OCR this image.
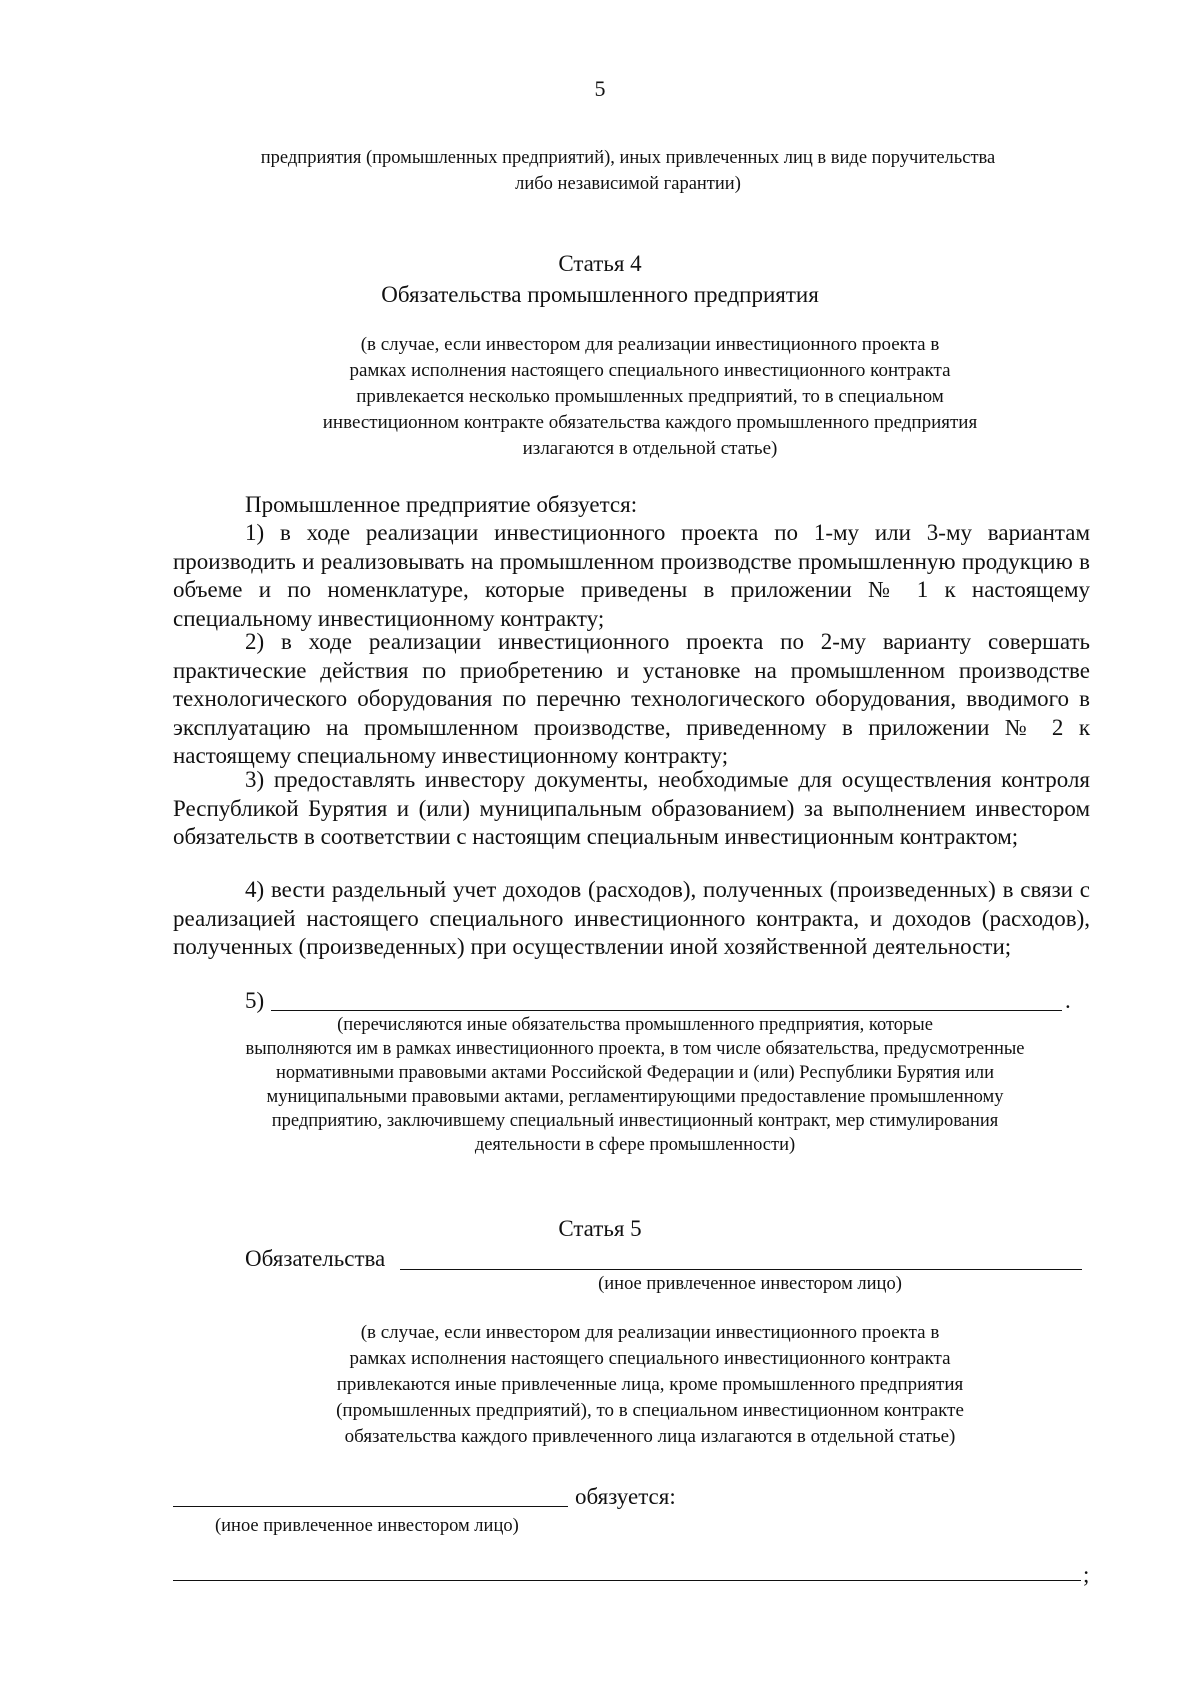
5
предприятия (промышленных предприятий), иных привлеченных лиц в виде поручительства
либо независимой гарантии)
Статья 4
Обязательства промышленного предприятия
(в случае, если инвестором для реализации инвестиционного проекта в
рамках исполнения настоящего специального инвестиционного контракта
привлекается несколько промышленных предприятий, то в специальном
инвестиционном контракте обязательства каждого промышленного предприятия
излагаются в отдельной статье)
Промышленное предприятие обязуется:
1) в ходе реализации инвестиционного проекта по 1-му или 3-му вариантам производить и реализовывать на промышленном производстве промышленную продукцию в объеме и по номенклатуре, которые приведены в приложении № 1 к настоящему специальному инвестиционному контракту;
2) в ходе реализации инвестиционного проекта по 2-му варианту совершать практические действия по приобретению и установке на промышленном производстве технологического оборудования по перечню технологического оборудования, вводимого в эксплуатацию на промышленном производстве, приведенному в приложении № 2 к настоящему специальному инвестиционному контракту;
3) предоставлять инвестору документы, необходимые для осуществления контроля Республикой Бурятия и (или) муниципальным образованием) за выполнением инвестором обязательств в соответствии с настоящим специальным инвестиционным контрактом;
4) вести раздельный учет доходов (расходов), полученных (произведенных) в связи с реализацией настоящего специального инвестиционного контракта, и доходов (расходов), полученных (произведенных) при осуществлении иной хозяйственной деятельности;
5)	.
(перечисляются иные обязательства промышленного предприятия, которые
выполняются им в рамках инвестиционного проекта, в том числе обязательства, предусмотренные
нормативными правовыми актами Российской Федерации и (или) Республики Бурятия или
муниципальными правовыми актами, регламентирующими предоставление промышленному
предприятию, заключившему специальный инвестиционный контракт, мер стимулирования
деятельности в сфере промышленности)
Статья 5
Обязательства
(иное привлеченное инвестором лицо)
(в случае, если инвестором для реализации инвестиционного проекта в
рамках исполнения настоящего специального инвестиционного контракта
привлекаются иные привлеченные лица, кроме промышленного предприятия
(промышленных предприятий), то в специальном инвестиционном контракте
обязательства каждого привлеченного лица излагаются в отдельной статье)
обязуется:
(иное привлеченное инвестором лицо)
;
